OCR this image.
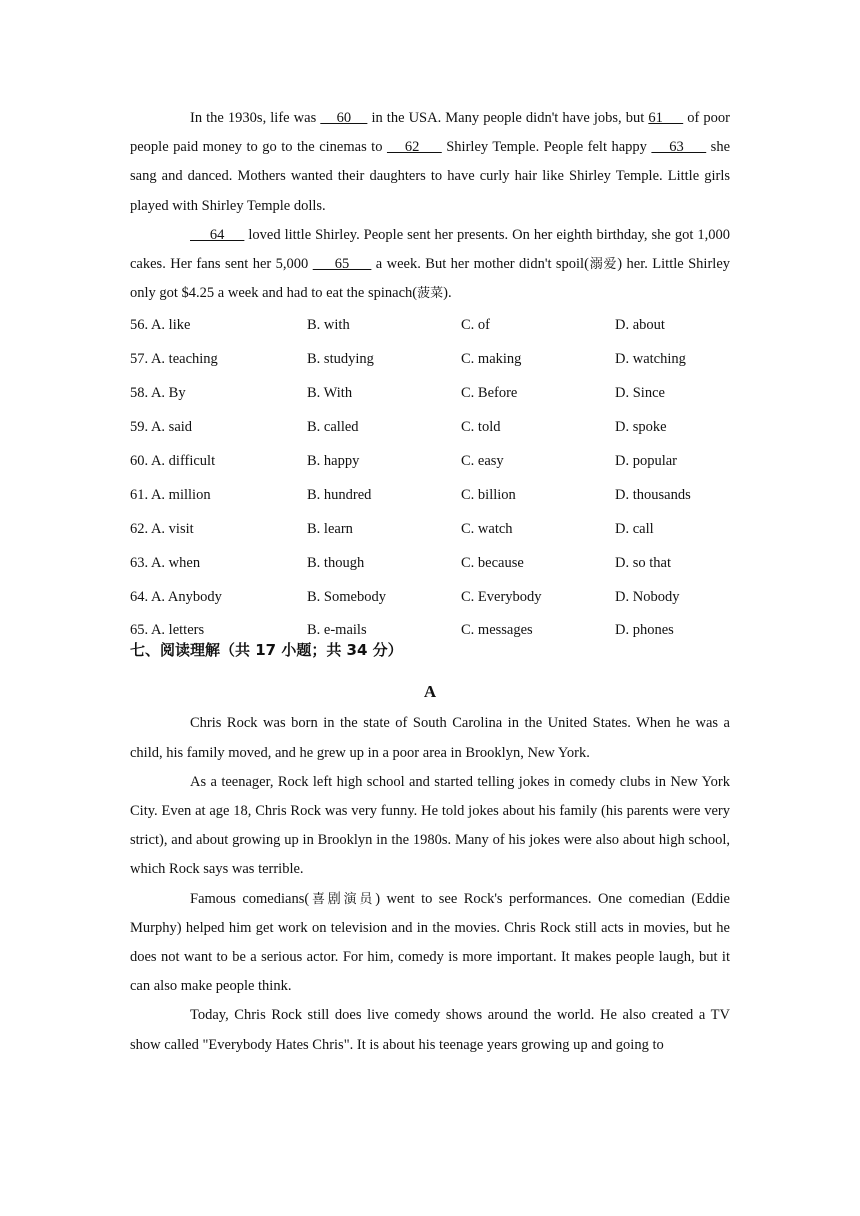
In the 1930s, life was     60     in the USA. Many people didn't have jobs, but 61      of poor people paid money to go to the cinemas to     62      Shirley Temple. People felt happy     63      she sang and danced. Mothers wanted their daughters to have curly hair like Shirley Temple. Little girls played with Shirley Temple dolls.

64      loved little Shirley. People sent her presents. On her eighth birthday, she got 1,000 cakes. Her fans sent her 5,000      65      a week. But her mother didn't spoil(溺爱) her. Little Shirley only got $4.25 a week and had to eat the spinach(菠菜).

56. A. like	B. with	C. of	D. about
57. A. teaching	B. studying	C. making	D. watching
58. A. By	B. With	C. Before	D. Since
59. A. said	B. called	C. told	D. spoke
60. A. difficult	B. happy	C. easy	D. popular
61. A. million	B. hundred	C. billion	D. thousands
62. A. visit	B. learn	C. watch	D. call
63. A. when	B. though	C. because	D. so that
64. A. Anybody	B. Somebody	C. Everybody	D. Nobody
65. A. letters	B. e-mails	C. messages	D. phones
七、阅读理解（共 17 小题；共 34 分）
A

Chris Rock was born in the state of South Carolina in the United States. When he was a child, his family moved, and he grew up in a poor area in Brooklyn, New York.

As a teenager, Rock left high school and started telling jokes in comedy clubs in New York City. Even at age 18, Chris Rock was very funny. He told jokes about his family (his parents were very strict), and about growing up in Brooklyn in the 1980s. Many of his jokes were also about high school, which Rock says was terrible.

Famous comedians(喜剧演员) went to see Rock's performances. One comedian (Eddie Murphy) helped him get work on television and in the movies. Chris Rock still acts in movies, but he does not want to be a serious actor. For him, comedy is more important. It makes people laugh, but it can also make people think.

Today, Chris Rock still does live comedy shows around the world. He also created a TV show called "Everybody Hates Chris". It is about his teenage years growing up and going to
